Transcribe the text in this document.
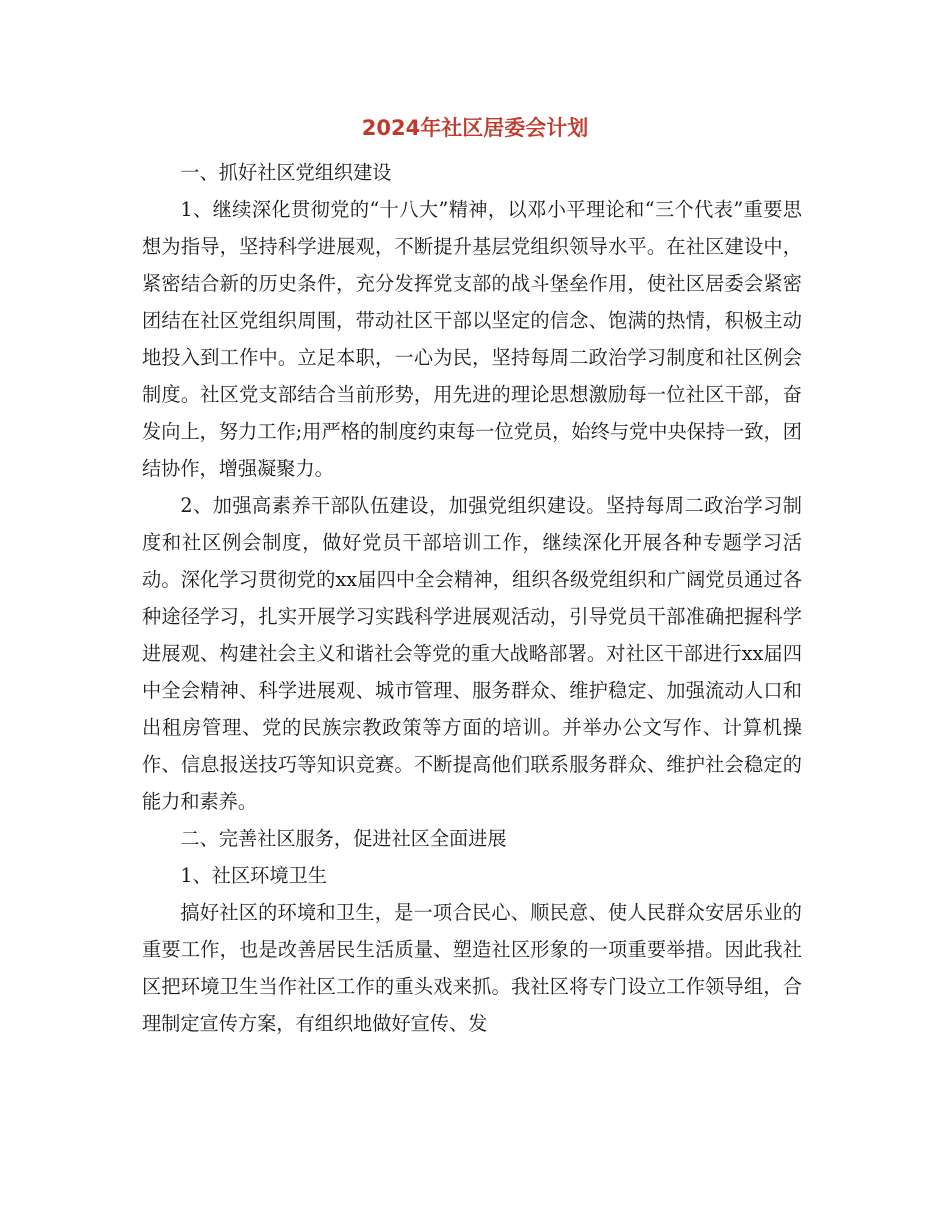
2024年社区居委会计划

一、抓好社区党组织建设

1、继续深化贯彻党的“十八大”精神，以邓小平理论和“三个代表”重要思想为指导，坚持科学进展观，不断提升基层党组织领导水平。在社区建设中，紧密结合新的历史条件，充分发挥党支部的战斗堡垒作用，使社区居委会紧密团结在社区党组织周围，带动社区干部以坚定的信念、饱满的热情，积极主动地投入到工作中。立足本职，一心为民，坚持每周二政治学习制度和社区例会制度。社区党支部结合当前形势，用先进的理论思想激励每一位社区干部，奋发向上，努力工作;用严格的制度约束每一位党员，始终与党中央保持一致，团结协作，增强凝聚力。

2、加强高素养干部队伍建设，加强党组织建设。坚持每周二政治学习制度和社区例会制度，做好党员干部培训工作，继续深化开展各种专题学习活动。深化学习贯彻党的xx届四中全会精神，组织各级党组织和广阔党员通过各种途径学习，扎实开展学习实践科学进展观活动，引导党员干部准确把握科学进展观、构建社会主义和谐社会等党的重大战略部署。对社区干部进行xx届四中全会精神、科学进展观、城市管理、服务群众、维护稳定、加强流动人口和出租房管理、党的民族宗教政策等方面的培训。并举办公文写作、计算机操作、信息报送技巧等知识竞赛。不断提高他们联系服务群众、维护社会稳定的能力和素养。

二、完善社区服务，促进社区全面进展

1、社区环境卫生

搞好社区的环境和卫生，是一项合民心、顺民意、使人民群众安居乐业的重要工作，也是改善居民生活质量、塑造社区形象的一项重要举措。因此我社区把环境卫生当作社区工作的重头戏来抓。我社区将专门设立工作领导组，合理制定宣传方案，有组织地做好宣传、发
